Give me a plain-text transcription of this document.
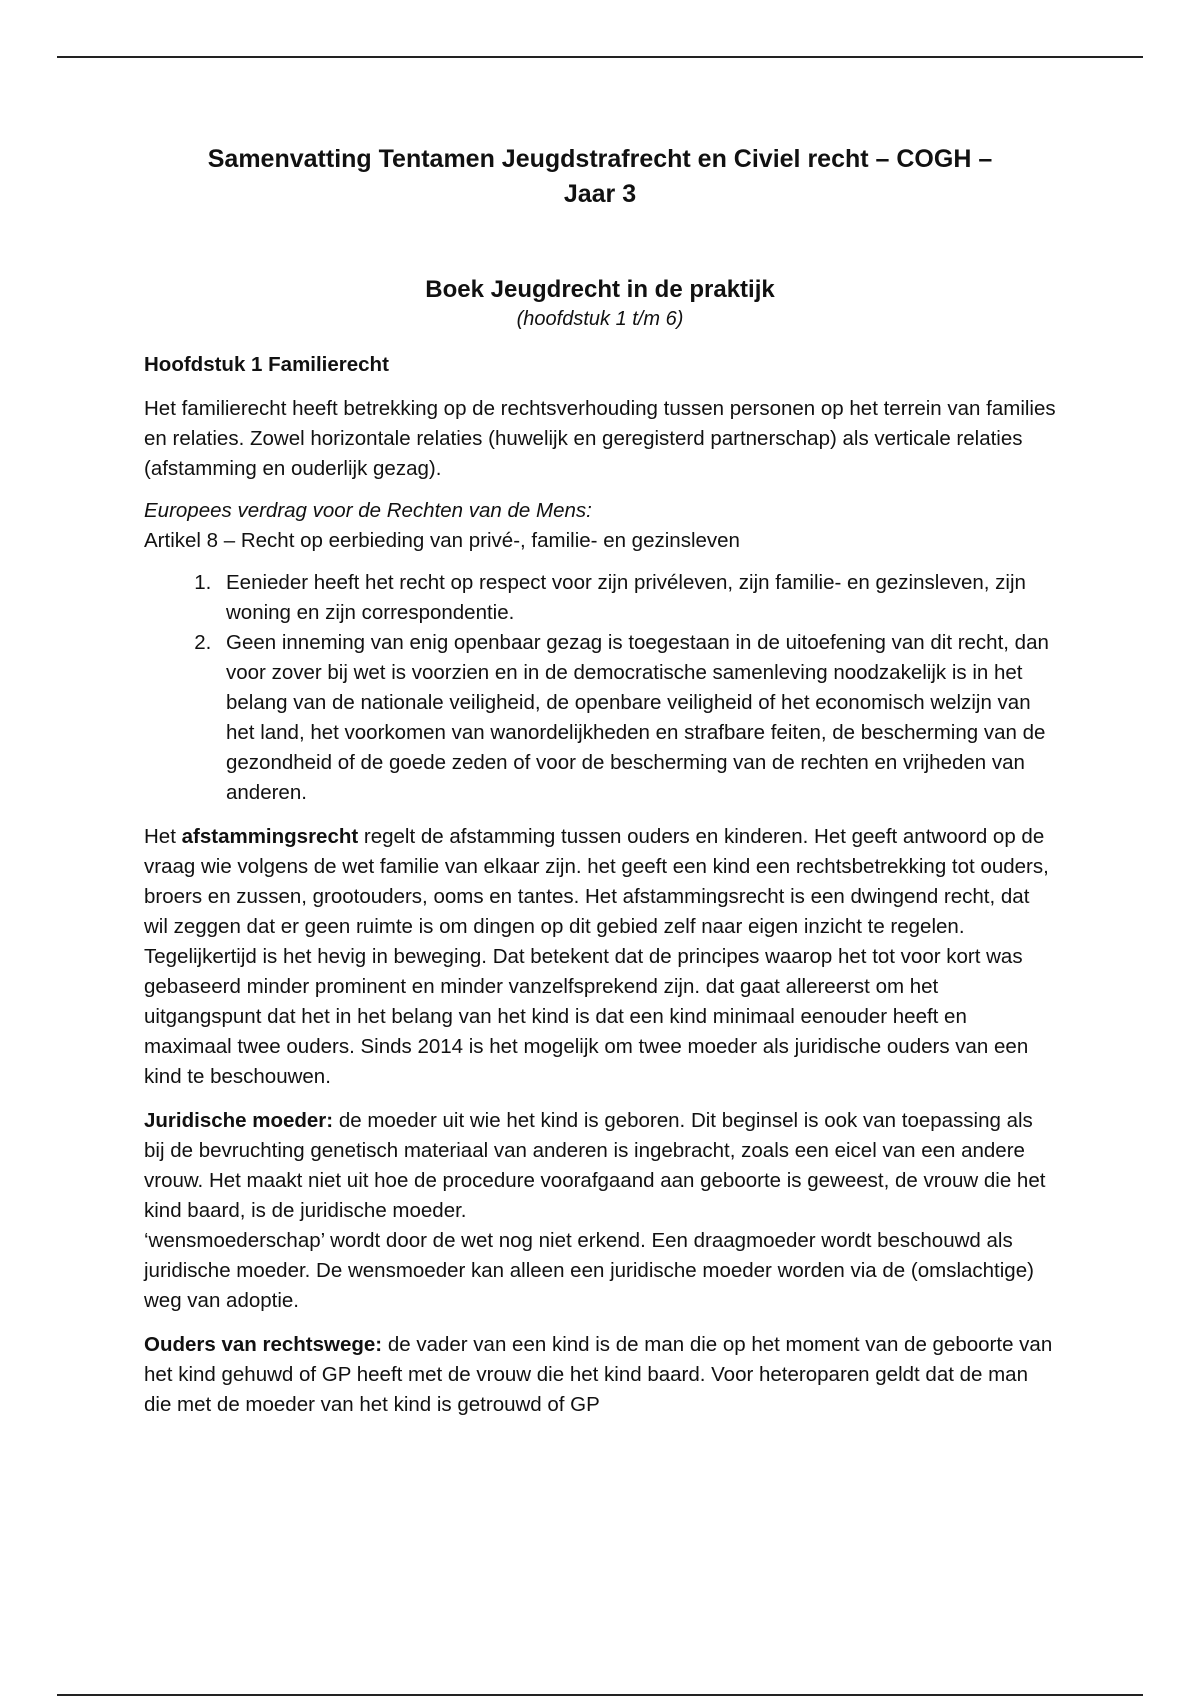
Samenvatting Tentamen Jeugdstrafrecht en Civiel recht – COGH –
Jaar 3
Boek Jeugdrecht in de praktijk
(hoofdstuk 1 t/m 6)
Hoofdstuk 1 Familierecht

Het familierecht heeft betrekking op de rechtsverhouding tussen personen op het terrein van families en relaties. Zowel horizontale relaties (huwelijk en geregisterd partnerschap) als verticale relaties (afstamming en ouderlijk gezag).

Europees verdrag voor de Rechten van de Mens:
Artikel 8 – Recht op eerbieding van privé-, familie- en gezinsleven

1. Eenieder heeft het recht op respect voor zijn privéleven, zijn familie- en gezinsleven, zijn woning en zijn correspondentie.
2. Geen inneming van enig openbaar gezag is toegestaan in de uitoefening van dit recht, dan voor zover bij wet is voorzien en in de democratische samenleving noodzakelijk is in het belang van de nationale veiligheid, de openbare veiligheid of het economisch welzijn van het land, het voorkomen van wanordelijkheden en strafbare feiten, de bescherming van de gezondheid of de goede zeden of voor de bescherming van de rechten en vrijheden van anderen.

Het afstammingsrecht regelt de afstamming tussen ouders en kinderen. Het geeft antwoord op de vraag wie volgens de wet familie van elkaar zijn. het geeft een kind een rechtsbetrekking tot ouders, broers en zussen, grootouders, ooms en tantes. Het afstammingsrecht is een dwingend recht, dat wil zeggen dat er geen ruimte is om dingen op dit gebied zelf naar eigen inzicht te regelen. Tegelijkertijd is het hevig in beweging. Dat betekent dat de principes waarop het tot voor kort was gebaseerd minder prominent en minder vanzelfsprekend zijn. dat gaat allereerst om het uitgangspunt dat het in het belang van het kind is dat een kind minimaal eenouder heeft en maximaal twee ouders. Sinds 2014 is het mogelijk om twee moeder als juridische ouders van een kind te beschouwen.

Juridische moeder: de moeder uit wie het kind is geboren. Dit beginsel is ook van toepassing als bij de bevruchting genetisch materiaal van anderen is ingebracht, zoals een eicel van een andere vrouw. Het maakt niet uit hoe de procedure voorafgaand aan geboorte is geweest, de vrouw die het kind baard, is de juridische moeder.
‘wensmoederschap’ wordt door de wet nog niet erkend. Een draagmoeder wordt beschouwd als juridische moeder. De wensmoeder kan alleen een juridische moeder worden via de (omslachtige) weg van adoptie.

Ouders van rechtswege: de vader van een kind is de man die op het moment van de geboorte van het kind gehuwd of GP heeft met de vrouw die het kind baard. Voor heteroparen geldt dat de man die met de moeder van het kind is getrouwd of GP
